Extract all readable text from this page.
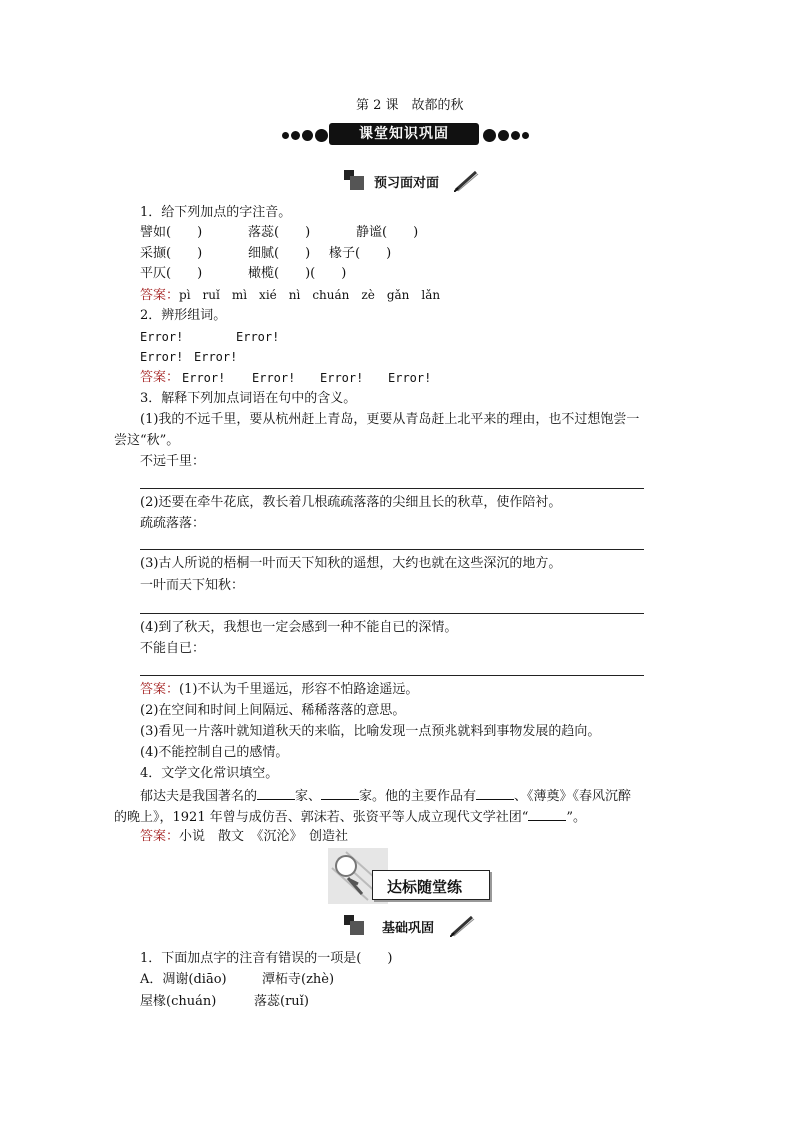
第 2 课　故都的秋
课堂知识巩固
预习面对面
1．给下列加点的字注音。
譬如(　　)	落蕊(　　)	静谧(　　)
采撷(　　)	细腻(　　) 椽子(　　)
平仄(　　)	橄榄(　　)(　　)
答案：pì　ruǐ　mì　xié　nì　chuán　zè　gǎn　lǎn
2．辨形组词。
Error!	Error!
Error! Error!
答案： Error! Error! Error! Error!
3．解释下列加点词语在句中的含义。
(1)我的不远千里，要从杭州赶上青岛，更要从青岛赶上北平来的理由，也不过想饱尝一
尝这“秋”。
不远千里：
(2)还要在牵牛花底，教长着几根疏疏落落的尖细且长的秋草，使作陪衬。
疏疏落落：
(3)古人所说的梧桐一叶而天下知秋的遥想，大约也就在这些深沉的地方。
一叶而天下知秋：
(4)到了秋天，我想也一定会感到一种不能自已的深情。
不能自已：
答案：(1)不认为千里遥远，形容不怕路途遥远。
(2)在空间和时间上间隔远、稀稀落落的意思。
(3)看见一片落叶就知道秋天的来临，比喻发现一点预兆就料到事物发展的趋向。
(4)不能控制自己的感情。
4．文学文化常识填空。
郁达夫是我国著名的	家、	家。他的主要作品有	、《薄奠》《春风沉醉
的晚上》，1921 年曾与成仿吾、郭沫若、张资平等人成立现代文学社团“	”。
答案：小说　散文　《沉沦》　创造社
达标随堂练
基础巩固
1．下面加点字的注音有错误的一项是(　　)
A．凋谢(diāo)	潭柘寺(zhè)
屋椽(chuán)	落蕊(ruǐ)
